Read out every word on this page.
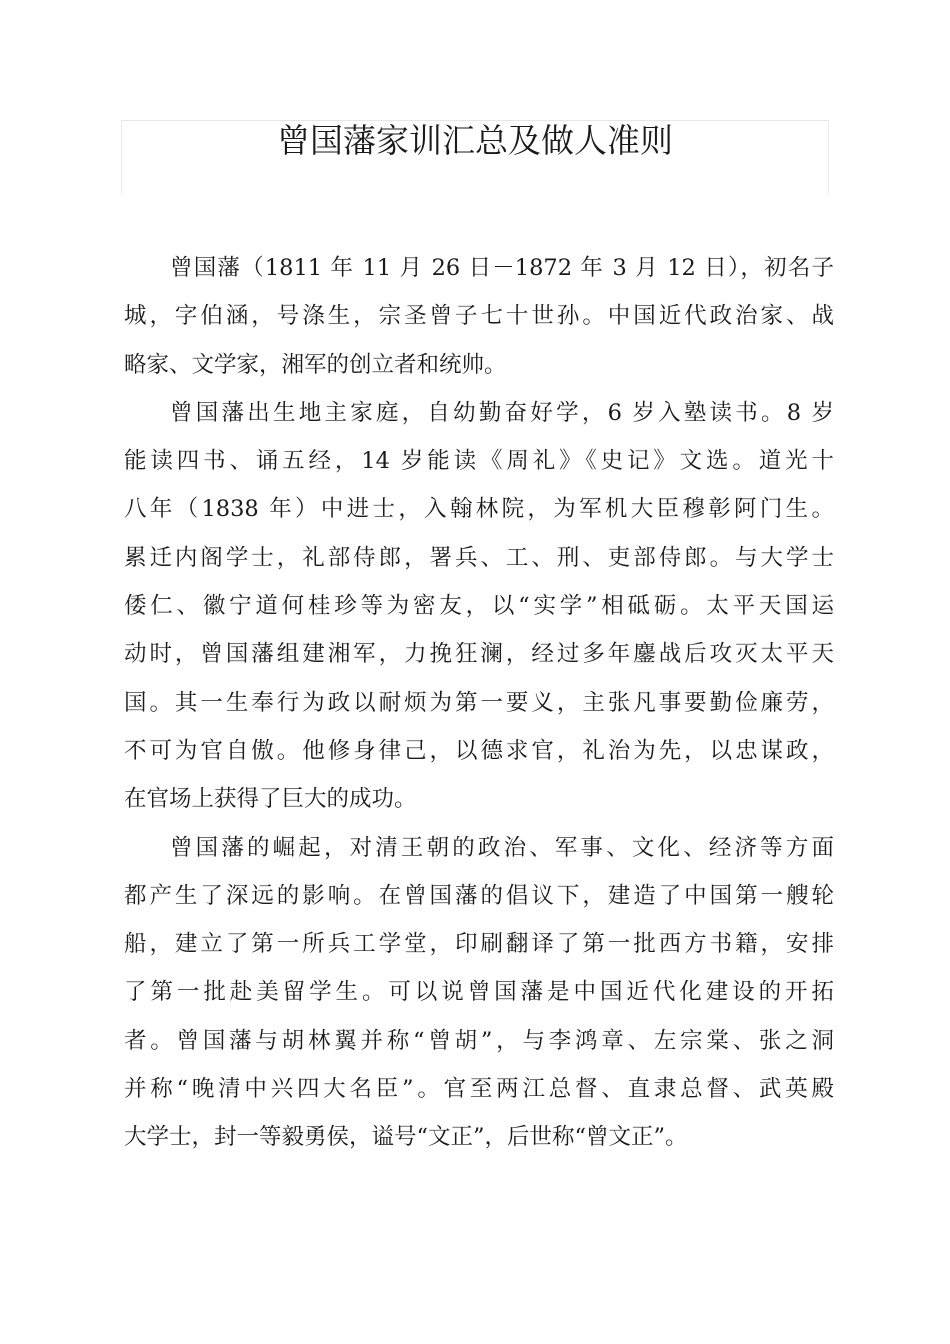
曾国藩家训汇总及做人准则
曾国藩（1811 年 11 月 26 日－1872 年 3 月 12 日），初名子
城，字伯涵，号涤生，宗圣曾子七十世孙。中国近代政治家、战
略家、文学家，湘军的创立者和统帅。
曾国藩出生地主家庭，自幼勤奋好学，6 岁入塾读书。8 岁
能读四书、诵五经，14 岁能读《周礼》《史记》文选。道光十
八年（1838 年）中进士，入翰林院，为军机大臣穆彰阿门生。
累迁内阁学士，礼部侍郎，署兵、工、刑、吏部侍郎。与大学士
倭仁、徽宁道何桂珍等为密友，以“实学”相砥砺。太平天国运
动时，曾国藩组建湘军，力挽狂澜，经过多年鏖战后攻灭太平天
国。其一生奉行为政以耐烦为第一要义，主张凡事要勤俭廉劳，
不可为官自傲。他修身律己，以德求官，礼治为先，以忠谋政，
在官场上获得了巨大的成功。
曾国藩的崛起，对清王朝的政治、军事、文化、经济等方面
都产生了深远的影响。在曾国藩的倡议下，建造了中国第一艘轮
船，建立了第一所兵工学堂，印刷翻译了第一批西方书籍，安排
了第一批赴美留学生。可以说曾国藩是中国近代化建设的开拓
者。曾国藩与胡林翼并称“曾胡”，与李鸿章、左宗棠、张之洞
并称“晚清中兴四大名臣”。官至两江总督、直隶总督、武英殿
大学士，封一等毅勇侯，谥号“文正”，后世称“曾文正”。
